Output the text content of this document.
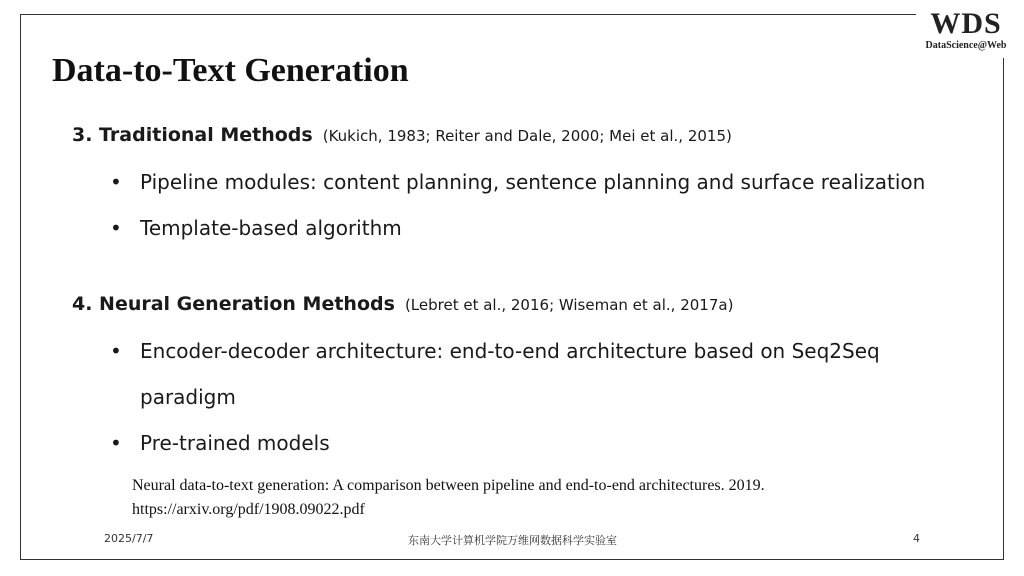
WDS
DataScience@Web
Data-to-Text Generation
3. Traditional Methods (Kukich, 1983; Reiter and Dale, 2000; Mei et al., 2015)
• Pipeline modules: content planning, sentence planning and surface realization
• Template-based algorithm
4. Neural Generation Methods (Lebret et al., 2016; Wiseman et al., 2017a)
• Encoder-decoder architecture: end-to-end architecture based on Seq2Seq
paradigm
• Pre-trained models
Neural data-to-text generation: A comparison between pipeline and end-to-end architectures. 2019.
https://arxiv.org/pdf/1908.09022.pdf
2025/7/7	东南大学计算机学院万维网数据科学实验室	4
